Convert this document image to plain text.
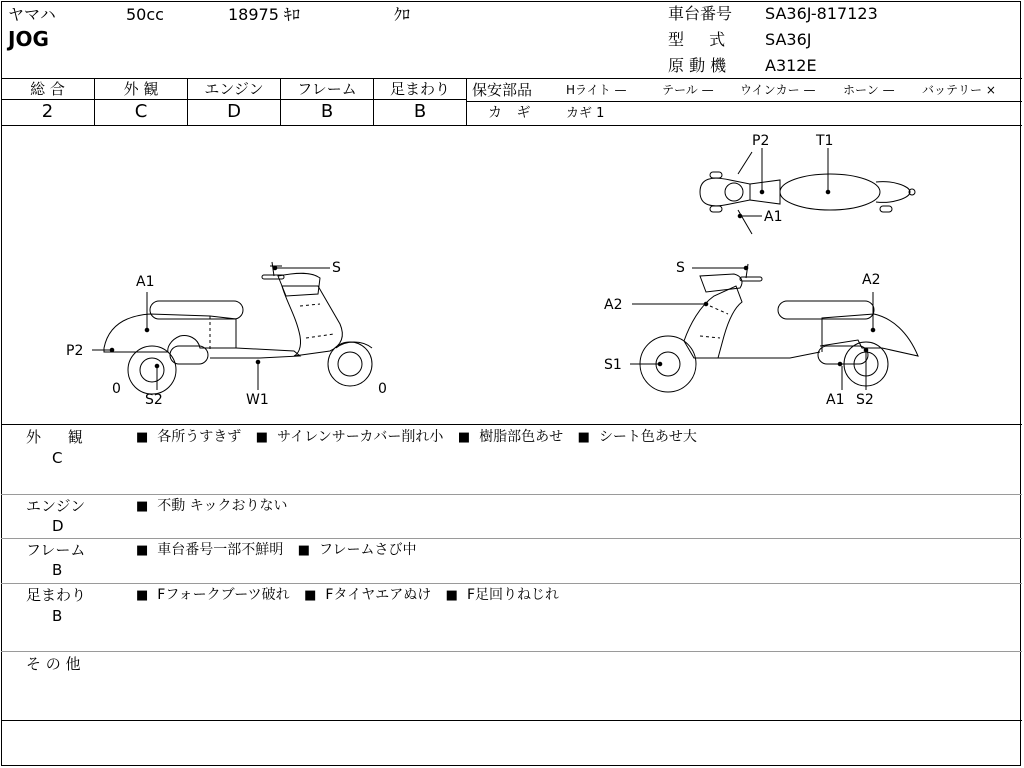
ヤマハ	50cc	18975 ｷﾛ	ｸﾛ
JOG
車台番号 SA36J-817123
型 式 SA36J
原 動 機 A312E
総 合	外 観	エンジン	フレーム	足まわり
2	C	D	B	B
保安部品	Hライト —	テール — ウインカー — ホーン — バッテリー ×
カ ギ	カギ 1
S
A1
P2
0
S2	W1
0
S
A2
A2
S1
A1 S2
P2	T1
A1
外 観
C
■ 各所うすきず	■ サイレンサーカバー削れ小	■ 樹脂部色あせ	■ シート色あせ大
エンジン
D
■ 不動 キックおりない
フレーム
B
■ 車台番号一部不鮮明	■ フレームさび中
足まわり
B
■ Fフォークブーツ破れ	■ Fタイヤエアぬけ	■ F足回りねじれ
そ の 他
